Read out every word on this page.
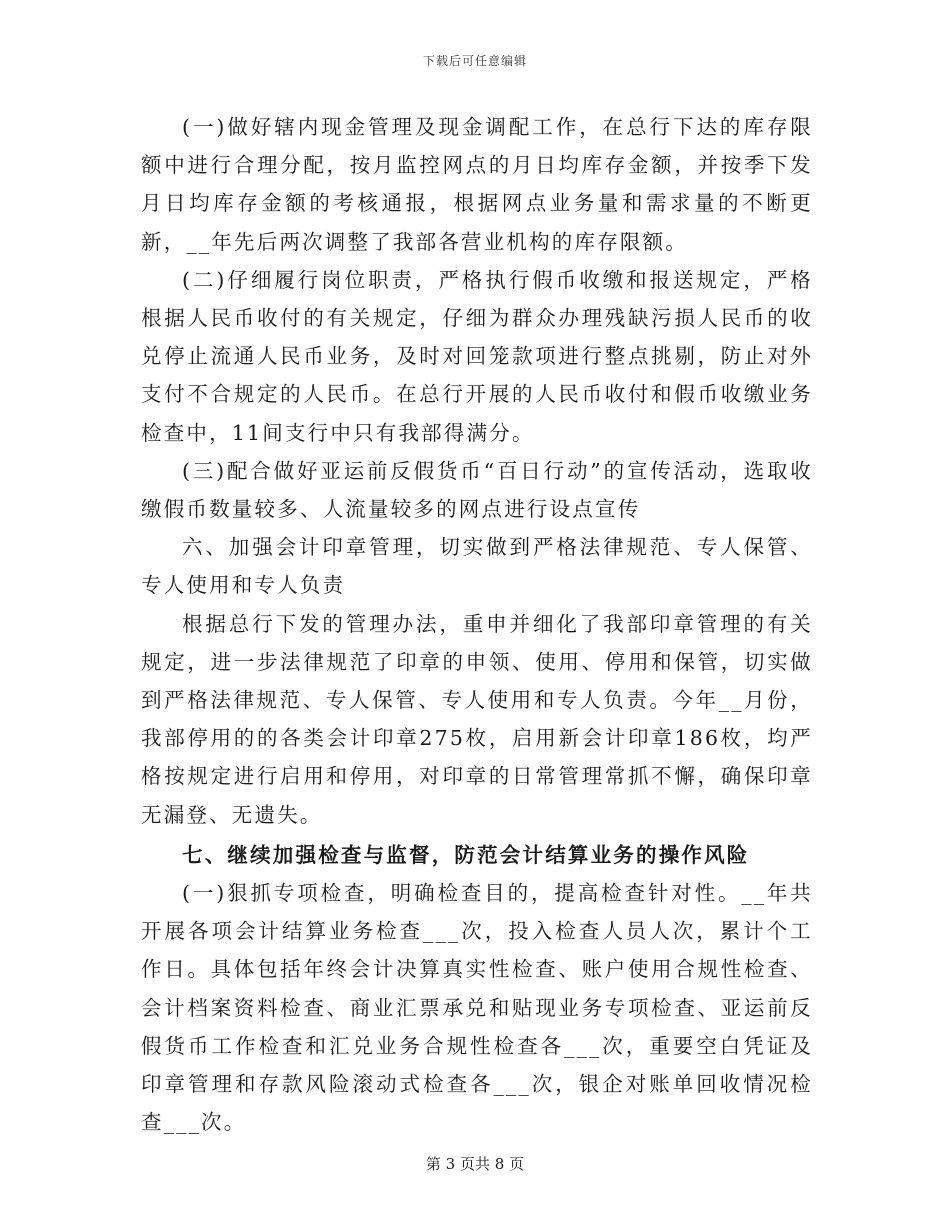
下载后可任意编辑

(一)做好辖内现金管理及现金调配工作，在总行下达的库存限额中进行合理分配，按月监控网点的月日均库存金额，并按季下发月日均库存金额的考核通报，根据网点业务量和需求量的不断更新，__年先后两次调整了我部各营业机构的库存限额。

(二)仔细履行岗位职责，严格执行假币收缴和报送规定，严格根据人民币收付的有关规定，仔细为群众办理残缺污损人民币的收兑停止流通人民币业务，及时对回笼款项进行整点挑剔，防止对外支付不合规定的人民币。在总行开展的人民币收付和假币收缴业务检查中，11间支行中只有我部得满分。

(三)配合做好亚运前反假货币“百日行动”的宣传活动，选取收缴假币数量较多、人流量较多的网点进行设点宣传

六、加强会计印章管理，切实做到严格法律规范、专人保管、专人使用和专人负责

根据总行下发的管理办法，重申并细化了我部印章管理的有关规定，进一步法律规范了印章的申领、使用、停用和保管，切实做到严格法律规范、专人保管、专人使用和专人负责。今年__月份，我部停用的的各类会计印章275枚，启用新会计印章186枚，均严格按规定进行启用和停用，对印章的日常管理常抓不懈，确保印章无漏登、无遗失。

七、继续加强检查与监督，防范会计结算业务的操作风险

(一)狠抓专项检查，明确检查目的，提高检查针对性。__年共开展各项会计结算业务检查___次，投入检查人员人次，累计个工作日。具体包括年终会计决算真实性检查、账户使用合规性检查、会计档案资料检查、商业汇票承兑和贴现业务专项检查、亚运前反假货币工作检查和汇兑业务合规性检查各___次，重要空白凭证及印章管理和存款风险滚动式检查各___次，银企对账单回收情况检查___次。

第 3 页共 8 页
